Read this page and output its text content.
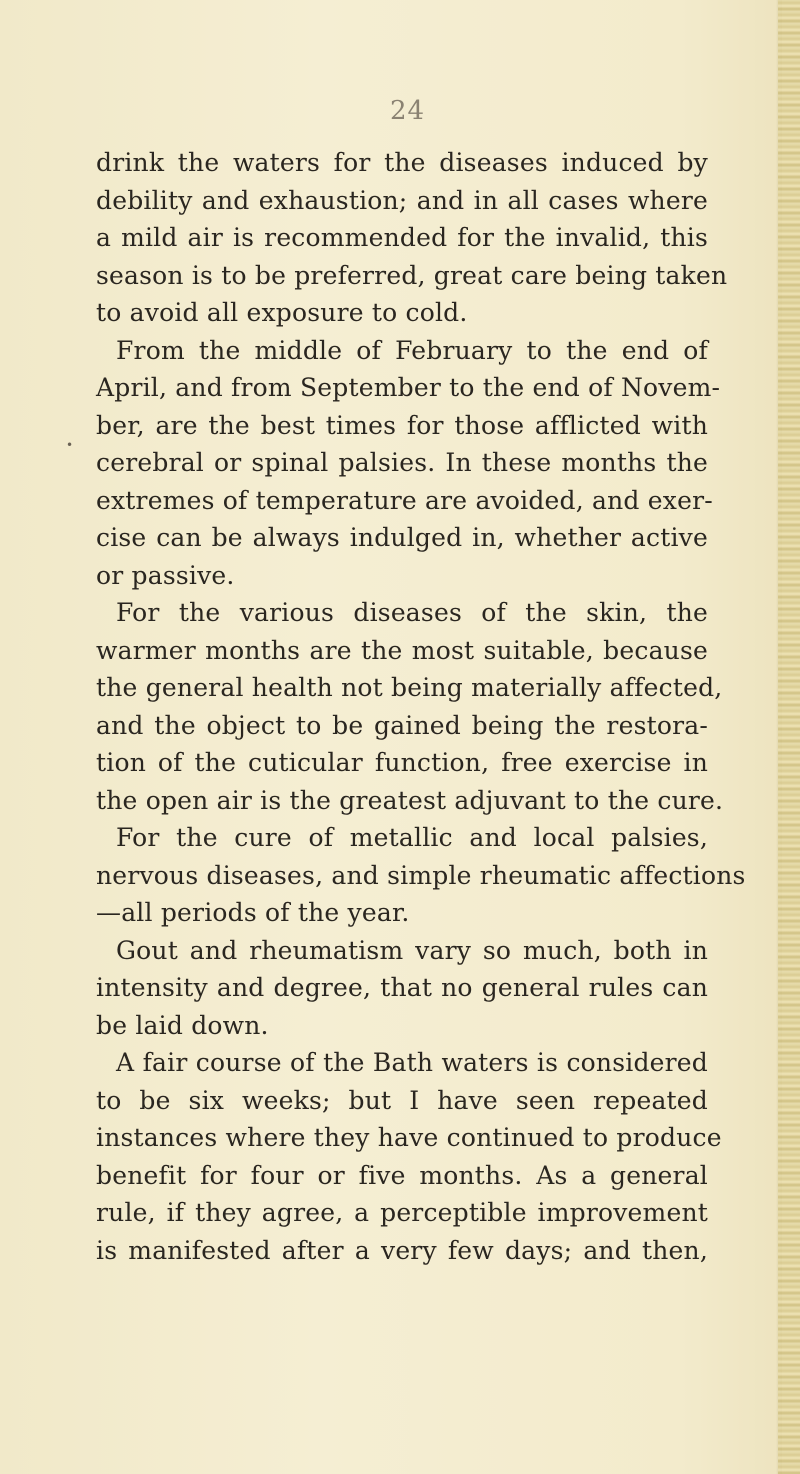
24
•
drink the waters for the diseases induced by
debility and exhaustion; and in all cases where
a mild air is recommended for the invalid, this
season is to be preferred, great care being taken
to avoid all exposure to cold.
From the middle of February to the end of
April, and from September to the end of Novem-
ber, are the best times for those afflicted with
cerebral or spinal palsies. In these months the
extremes of temperature are avoided, and exer-
cise can be always indulged in, whether active
or passive.
For the various diseases of the skin, the
warmer months are the most suitable, because
the general health not being materially affected,
and the object to be gained being the restora-
tion of the cuticular function, free exercise in
the open air is the greatest adjuvant to the cure.
For the cure of metallic and local palsies,
nervous diseases, and simple rheumatic affections
—all periods of the year.
Gout and rheumatism vary so much, both in
intensity and degree, that no general rules can
be laid down.
A fair course of the Bath waters is considered
to be six weeks; but I have seen repeated
instances where they have continued to produce
benefit for four or five months. As a general
rule, if they agree, a perceptible improvement
is manifested after a very few days; and then,
